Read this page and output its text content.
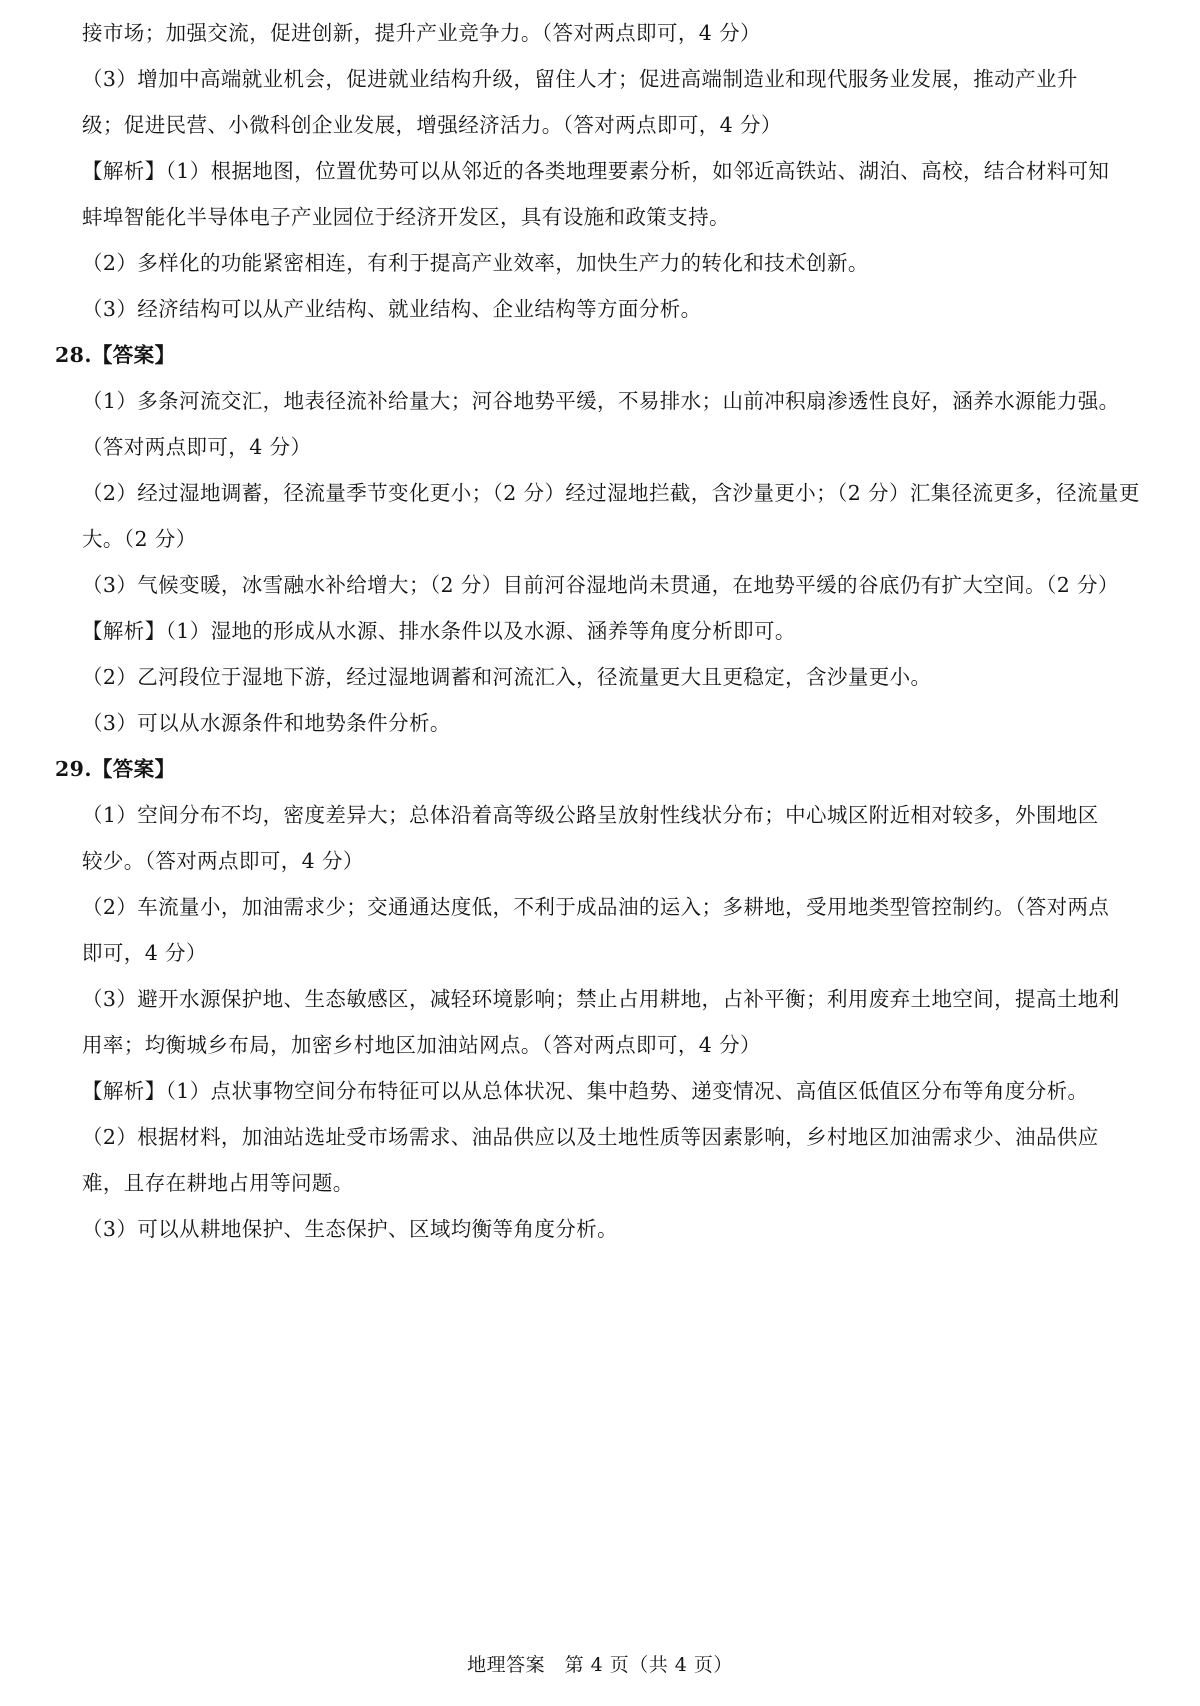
接市场；加强交流，促进创新，提升产业竞争力。（答对两点即可，4 分）
（3）增加中高端就业机会，促进就业结构升级，留住人才；促进高端制造业和现代服务业发展，推动产业升
级；促进民营、小微科创企业发展，增强经济活力。（答对两点即可，4 分）
【解析】（1）根据地图，位置优势可以从邻近的各类地理要素分析，如邻近高铁站、湖泊、高校，结合材料可知
蚌埠智能化半导体电子产业园位于经济开发区，具有设施和政策支持。
（2）多样化的功能紧密相连，有利于提高产业效率，加快生产力的转化和技术创新。
（3）经济结构可以从产业结构、就业结构、企业结构等方面分析。
28.【答案】
（1）多条河流交汇，地表径流补给量大；河谷地势平缓，不易排水；山前冲积扇渗透性良好，涵养水源能力强。
（答对两点即可，4 分）
（2）经过湿地调蓄，径流量季节变化更小；（2 分）经过湿地拦截，含沙量更小；（2 分）汇集径流更多，径流量更
大。（2 分）
（3）气候变暖，冰雪融水补给增大；（2 分）目前河谷湿地尚未贯通，在地势平缓的谷底仍有扩大空间。（2 分）
【解析】（1）湿地的形成从水源、排水条件以及水源、涵养等角度分析即可。
（2）乙河段位于湿地下游，经过湿地调蓄和河流汇入，径流量更大且更稳定，含沙量更小。
（3）可以从水源条件和地势条件分析。
29.【答案】
（1）空间分布不均，密度差异大；总体沿着高等级公路呈放射性线状分布；中心城区附近相对较多，外围地区
较少。（答对两点即可，4 分）
（2）车流量小，加油需求少；交通通达度低，不利于成品油的运入；多耕地，受用地类型管控制约。（答对两点
即可，4 分）
（3）避开水源保护地、生态敏感区，减轻环境影响；禁止占用耕地，占补平衡；利用废弃土地空间，提高土地利
用率；均衡城乡布局，加密乡村地区加油站网点。（答对两点即可，4 分）
【解析】（1）点状事物空间分布特征可以从总体状况、集中趋势、递变情况、高值区低值区分布等角度分析。
（2）根据材料，加油站选址受市场需求、油品供应以及土地性质等因素影响，乡村地区加油需求少、油品供应
难，且存在耕地占用等问题。
（3）可以从耕地保护、生态保护、区域均衡等角度分析。
地理答案　第 4 页（共 4 页）
